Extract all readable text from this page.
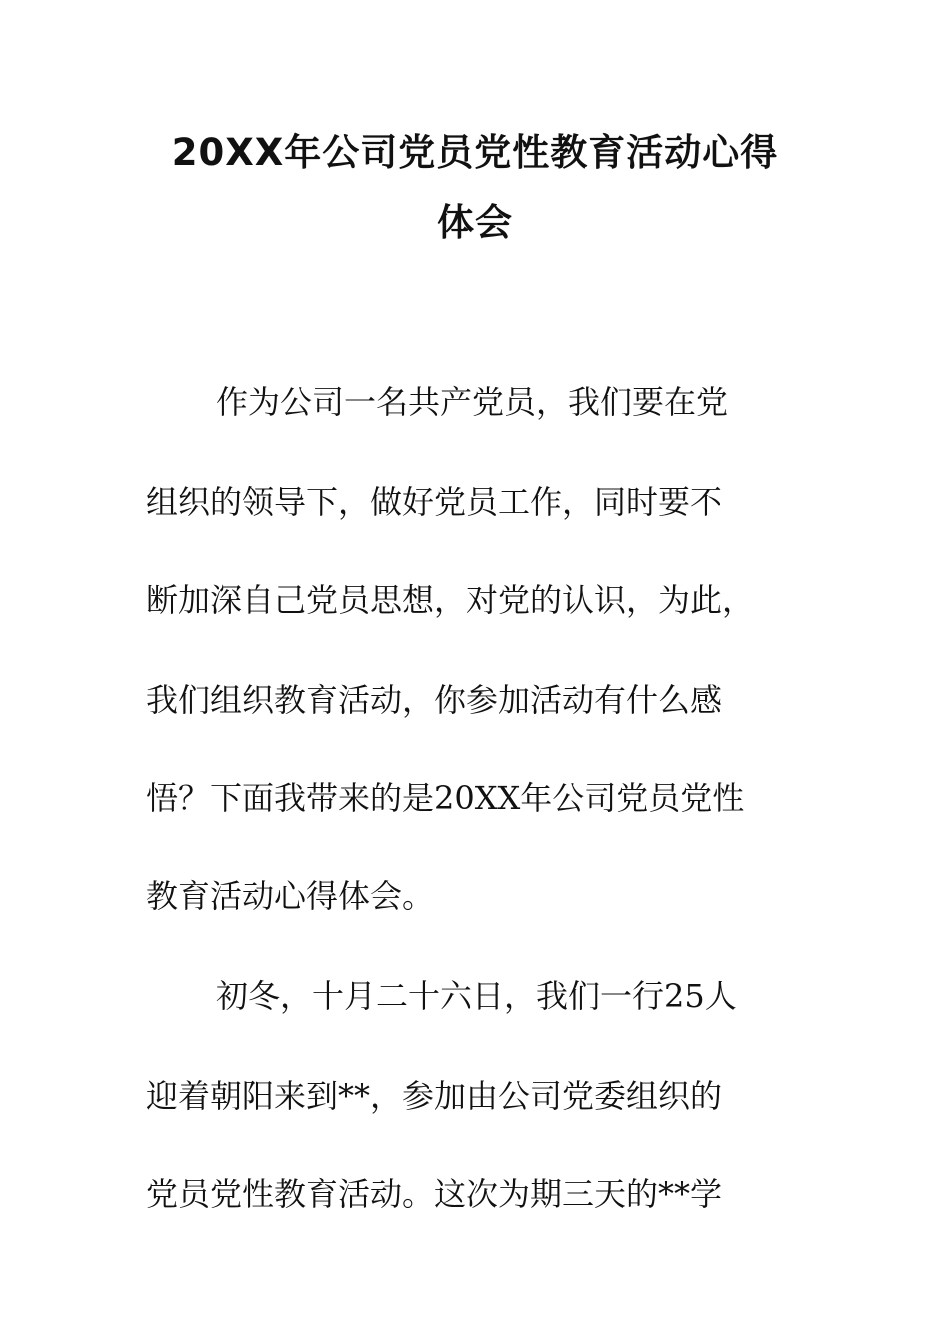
20XX年公司党员党性教育活动心得
体会
作为公司一名共产党员，我们要在党
组织的领导下，做好党员工作，同时要不
断加深自己党员思想，对党的认识，为此，
我们组织教育活动，你参加活动有什么感
悟？下面我带来的是20XX年公司党员党性
教育活动心得体会。
初冬，十月二十六日，我们一行25人
迎着朝阳来到**，参加由公司党委组织的
党员党性教育活动。这次为期三天的**学
